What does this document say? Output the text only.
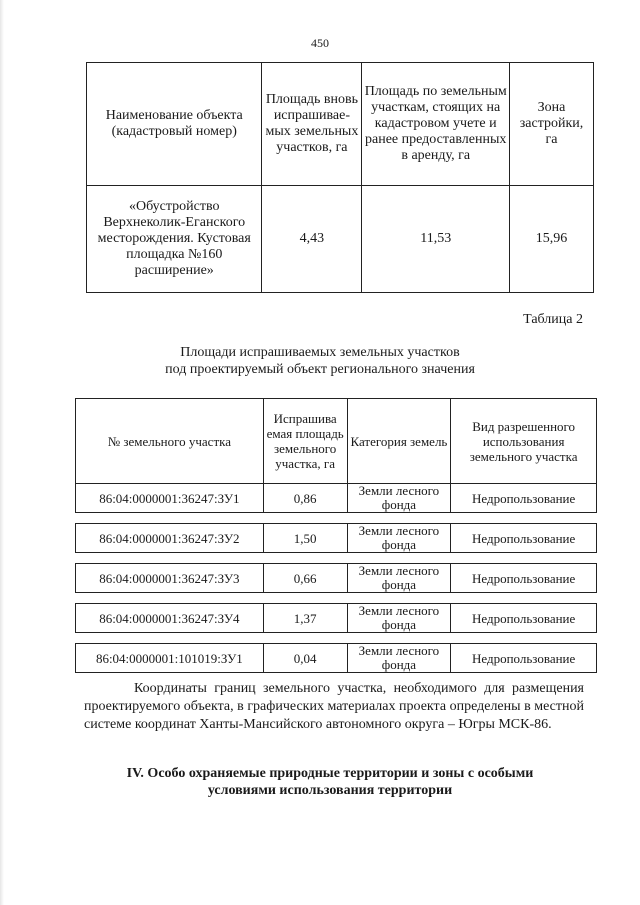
450
Наименование объекта (кадастровый номер)	Площадь вновь испрашивае-мых земельных участков, га	Площадь по земельным участкам, стоящих на кадастровом учете и ранее предоставленных в аренду, га	Зона застройки, га
«Обустройство Верхнеколик-Еганского месторождения. Кустовая площадка №160 расширение»	4,43	11,53	15,96
Таблица 2
Площади испрашиваемых земельных участков
под проектируемый объект регионального значения
№ земельного участка	Испрашива емая площадь земельного участка, га	Категория земель	Вид разрешенного использования земельного участка
86:04:0000001:36247:ЗУ1	0,86	Земли лесного фонда	Недропользование

86:04:0000001:36247:ЗУ2	1,50	Земли лесного фонда	Недропользование

86:04:0000001:36247:ЗУ3	0,66	Земли лесного фонда	Недропользование

86:04:0000001:36247:ЗУ4	1,37	Земли лесного фонда	Недропользование

86:04:0000001:101019:ЗУ1	0,04	Земли лесного фонда	Недропользование
Координаты границ земельного участка, необходимого для размещения проектируемого объекта, в графических материалах проекта определены в местной системе координат Ханты-Мансийского автономного округа – Югры МСК-86.
IV. Особо охраняемые природные территории и зоны с особыми
условиями использования территории
